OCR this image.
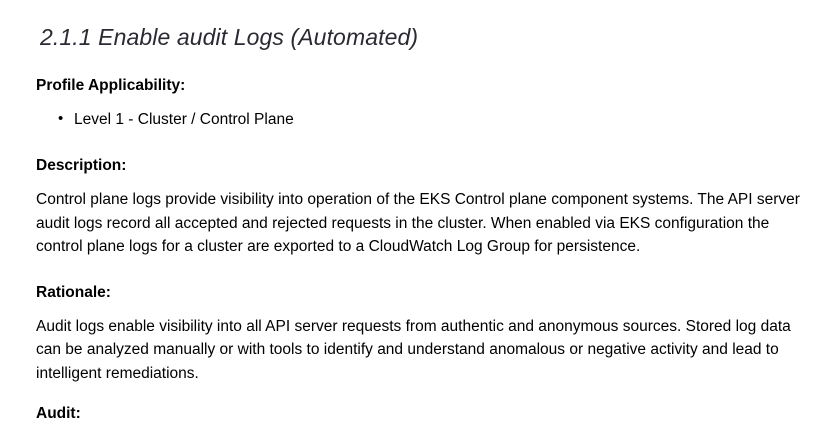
2.1.1 Enable audit Logs (Automated)
Profile Applicability:
• Level 1 - Cluster / Control Plane
Description:

Control plane logs provide visibility into operation of the EKS Control plane component systems. The API server audit logs record all accepted and rejected requests in the cluster. When enabled via EKS configuration the control plane logs for a cluster are exported to a CloudWatch Log Group for persistence.

Rationale:

Audit logs enable visibility into all API server requests from authentic and anonymous sources. Stored log data can be analyzed manually or with tools to identify and understand anomalous or negative activity and lead to intelligent remediations.

Audit:
